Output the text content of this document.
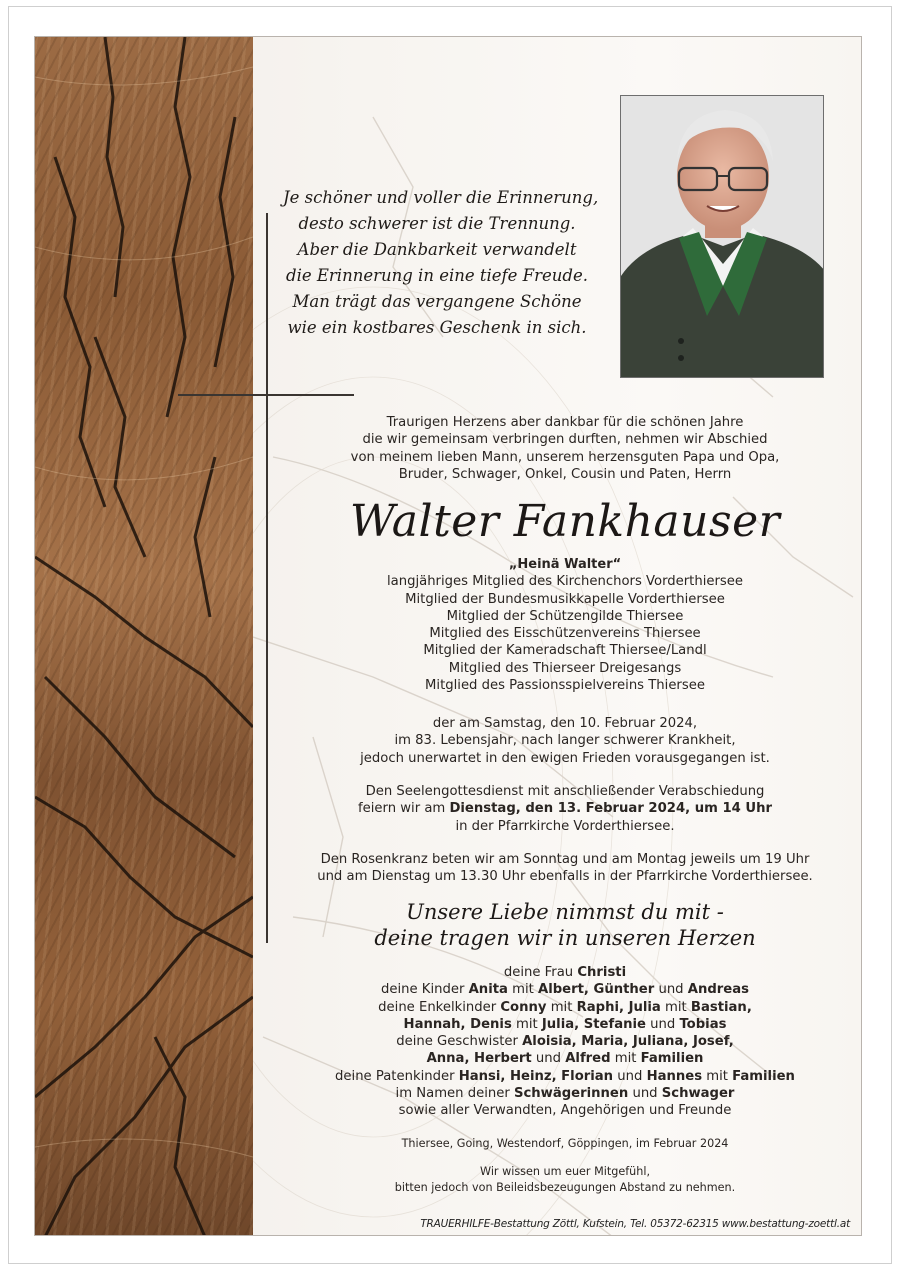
Je schöner und voller die Erinnerung,
desto schwerer ist die Trennung.
Aber die Dankbarkeit verwandelt
die Erinnerung in eine tiefe Freude.
Man trägt das vergangene Schöne
wie ein kostbares Geschenk in sich.
Traurigen Herzens aber dankbar für die schönen Jahre
die wir gemeinsam verbringen durften, nehmen wir Abschied
von meinem lieben Mann, unserem herzensguten Papa und Opa,
Bruder, Schwager, Onkel, Cousin und Paten, Herrn
Walter Fankhauser
„Heinä Walter“
langjähriges Mitglied des Kirchenchors Vorderthiersee
Mitglied der Bundesmusikkapelle Vorderthiersee
Mitglied der Schützengilde Thiersee
Mitglied des Eisschützenvereins Thiersee
Mitglied der Kameradschaft Thiersee/Landl
Mitglied des Thierseer Dreigesangs
Mitglied des Passionsspielvereins Thiersee
der am Samstag, den 10. Februar 2024,
im 83. Lebensjahr, nach langer schwerer Krankheit,
jedoch unerwartet in den ewigen Frieden vorausgegangen ist.
Den Seelengottesdienst mit anschließender Verabschiedung
feiern wir am Dienstag, den 13. Februar 2024, um 14 Uhr
in der Pfarrkirche Vorderthiersee.
Den Rosenkranz beten wir am Sonntag und am Montag jeweils um 19 Uhr
und am Dienstag um 13.30 Uhr ebenfalls in der Pfarrkirche Vorderthiersee.
Unsere Liebe nimmst du mit -
deine tragen wir in unseren Herzen
deine Frau Christi
deine Kinder Anita mit Albert, Günther und Andreas
deine Enkelkinder Conny mit Raphi, Julia mit Bastian,
Hannah, Denis mit Julia, Stefanie und Tobias
deine Geschwister Aloisia, Maria, Juliana, Josef,
Anna, Herbert und Alfred mit Familien
deine Patenkinder Hansi, Heinz, Florian und Hannes mit Familien
im Namen deiner Schwägerinnen und Schwager
sowie aller Verwandten, Angehörigen und Freunde
Thiersee, Going, Westendorf, Göppingen, im Februar 2024
Wir wissen um euer Mitgefühl,
bitten jedoch von Beileidsbezeugungen Abstand zu nehmen.
TRAUERHILFE-Bestattung Zöttl, Kufstein, Tel. 05372-62315 www.bestattung-zoettl.at
